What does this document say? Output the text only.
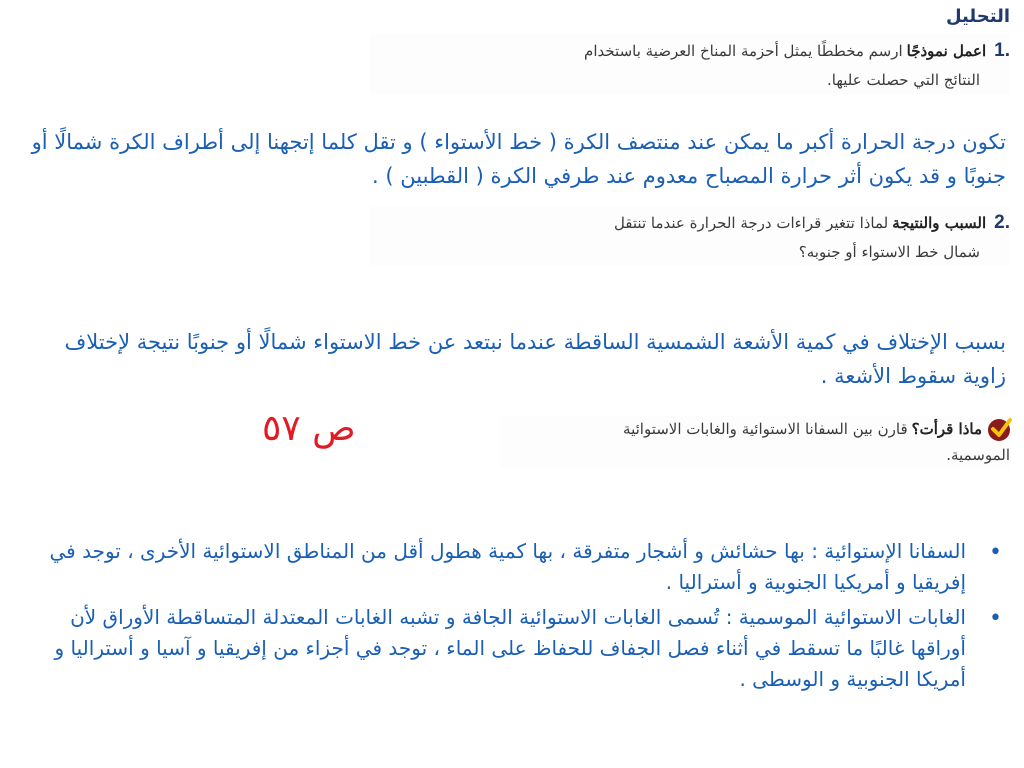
التحليل
1.اعمل نموذجًاارسم مخططًا يمثل أحزمة المناخ العرضية باستخدام
النتائج التي حصلت عليها.
تكون درجة الحرارة أكبر ما يمكن عند منتصف الكرة ( خط الأستواء ) و تقل كلما إتجهنا إلى أطراف الكرة شمالًا أو جنوبًا و قد يكون أثر حرارة المصباح معدوم عند طرفي الكرة ( القطبين ) .
2.السبب والنتيجةلماذا تتغير قراءات درجة الحرارة عندما تنتقل
شمال خط الاستواء أو جنوبه؟
بسبب الإختلاف في كمية الأشعة الشمسية الساقطة عندما نبتعد عن خط الاستواء شمالًا أو جنوبًا نتيجة لإختلاف زاوية سقوط الأشعة .
ص ٥٧	ماذا قرأت؟قارن بين السفانا الاستوائية والغابات الاستوائية
الموسمية.
• السفانا الإستوائية : بها حشائش و أشجار متفرقة ، بها كمية هطول أقل من المناطق الاستوائية الأخرى ، توجد في إفريقيا و أمريكيا الجنوبية و أستراليا .
• الغابات الاستوائية الموسمية : تُسمى الغابات الاستوائية الجافة و تشبه الغابات المعتدلة المتساقطة الأوراق لأن أوراقها غالبًا ما تسقط في أثناء فصل الجفاف للحفاظ على الماء ، توجد في أجزاء من إفريقيا و آسيا و أستراليا و أمريكا الجنوبية و الوسطى .
